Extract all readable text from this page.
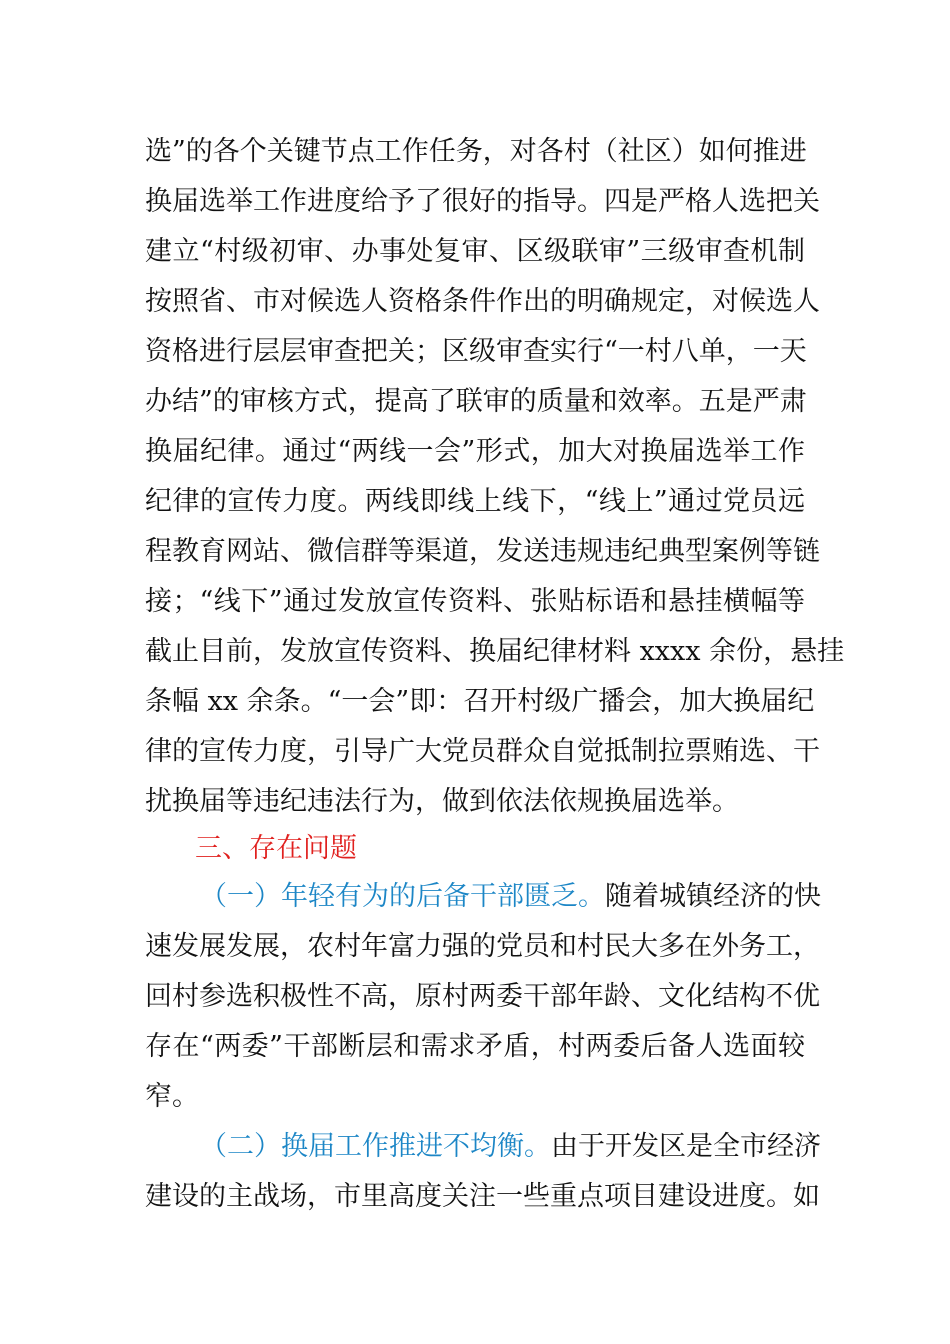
选”的各个关键节点工作任务，对各村（社区）如何推进
换届选举工作进度给予了很好的指导。四是严格人选把关
建立“村级初审、办事处复审、区级联审”三级审查机制
按照省、市对候选人资格条件作出的明确规定，对候选人
资格进行层层审查把关；区级审查实行“一村八单，一天
办结”的审核方式，提高了联审的质量和效率。五是严肃
换届纪律。通过“两线一会”形式，加大对换届选举工作
纪律的宣传力度。两线即线上线下，“线上”通过党员远
程教育网站、微信群等渠道，发送违规违纪典型案例等链
接；“线下”通过发放宣传资料、张贴标语和悬挂横幅等
截止目前，发放宣传资料、换届纪律材料 xxxx 余份，悬挂
条幅 xx 余条。“一会”即：召开村级广播会，加大换届纪
律的宣传力度，引导广大党员群众自觉抵制拉票贿选、干
扰换届等违纪违法行为，做到依法依规换届选举。
三、存在问题
（一）年轻有为的后备干部匮乏。随着城镇经济的快
速发展发展，农村年富力强的党员和村民大多在外务工，
回村参选积极性不高，原村两委干部年龄、文化结构不优
存在“两委”干部断层和需求矛盾，村两委后备人选面较
窄。
（二）换届工作推进不均衡。由于开发区是全市经济
建设的主战场，市里高度关注一些重点项目建设进度。如
